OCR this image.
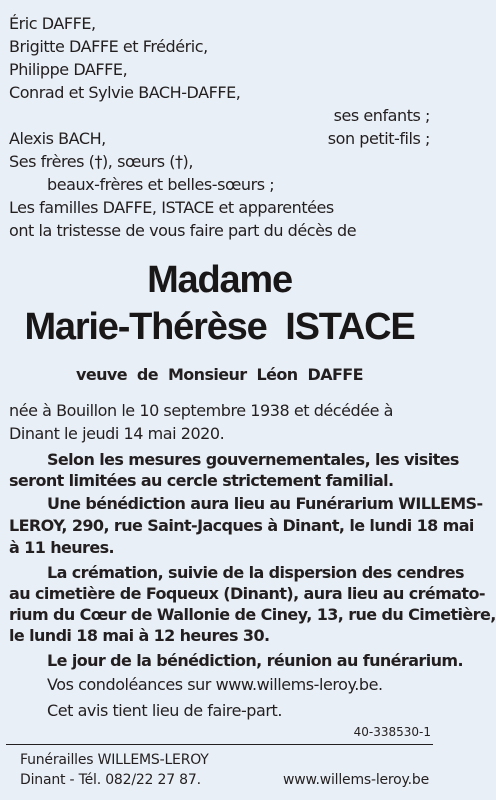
Éric DAFFE,
Brigitte DAFFE et Frédéric,
Philippe DAFFE,
Conrad et Sylvie BACH-DAFFE,
ses enfants ;
Alexis BACH,	son petit-fils ;
Ses frères (†), sœurs (†),
beaux-frères et belles-sœurs ;
Les familles DAFFE, ISTACE et apparentées
ont la tristesse de vous faire part du décès de
Madame
Marie-Thérèse  ISTACE
veuve  de  Monsieur  Léon  DAFFE
née à Bouillon le 10 septembre 1938 et décédée à
Dinant le jeudi 14 mai 2020.
Selon les mesures gouvernementales, les visites
seront limitées au cercle strictement familial.
Une bénédiction aura lieu au Funérarium WILLEMS-
LEROY, 290, rue Saint-Jacques à Dinant, le lundi 18 mai
à 11 heures.
La crémation, suivie de la dispersion des cendres
au cimetière de Foqueux (Dinant), aura lieu au crémato-
rium du Cœur de Wallonie de Ciney, 13, rue du Cimetière,
le lundi 18 mai à 12 heures 30.
Le jour de la bénédiction, réunion au funérarium.
Vos condoléances sur www.willems-leroy.be.
Cet avis tient lieu de faire-part.
40-338530-1
Funérailles WILLEMS-LEROY
Dinant - Tél. 082/22 27 87.	www.willems-leroy.be
